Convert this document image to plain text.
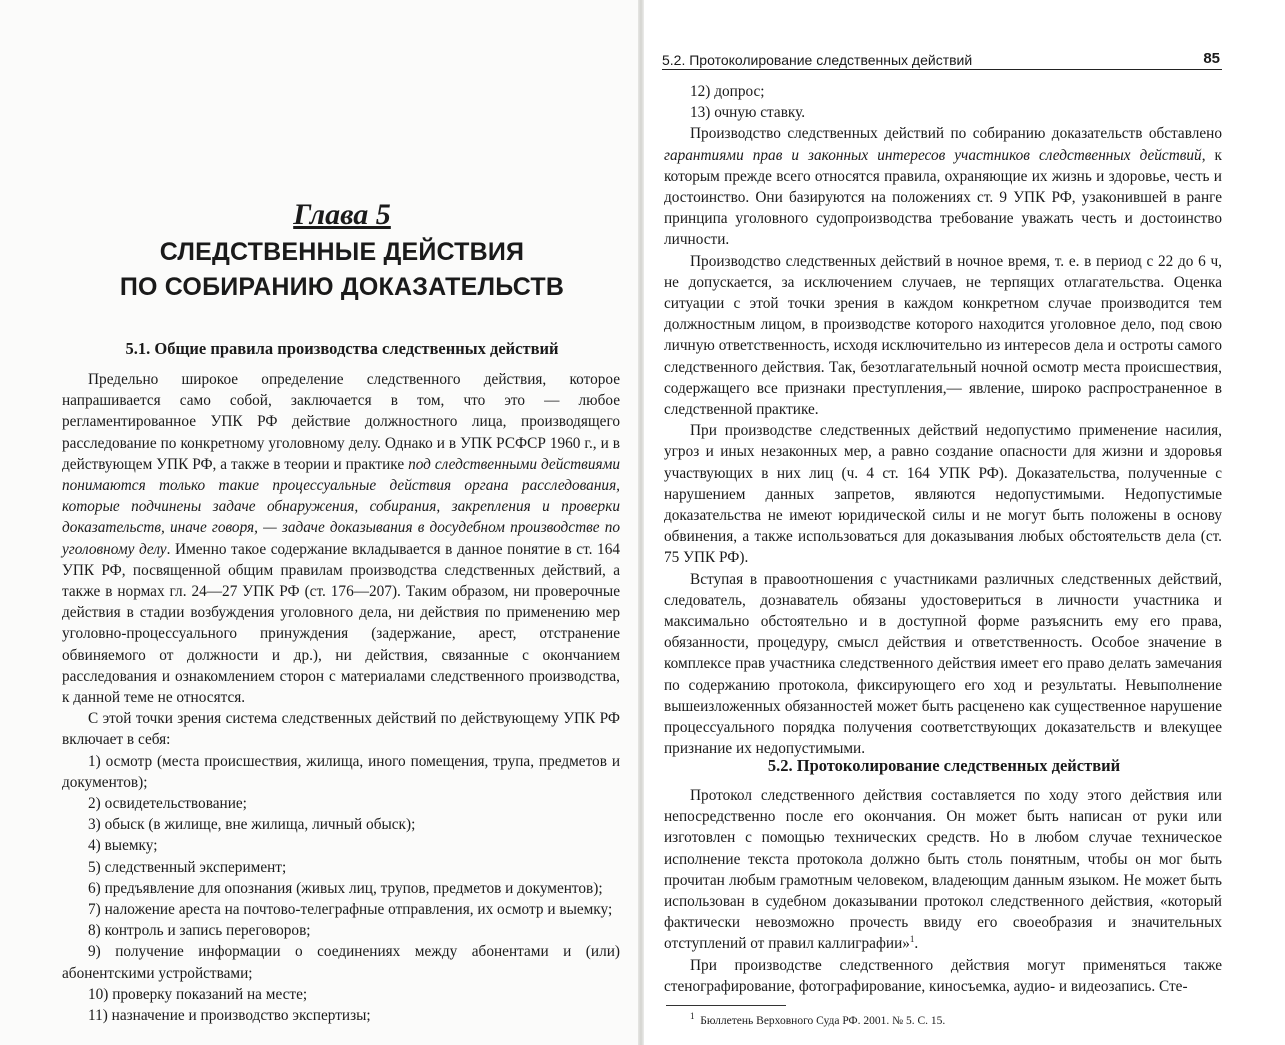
Глава 5
СЛЕДСТВЕННЫЕ ДЕЙСТВИЯ
ПО СОБИРАНИЮ ДОКАЗАТЕЛЬСТВ
5.1. Общие правила производства следственных действий

Предельно широкое определение следственного действия, которое напрашивается само собой, заключается в том, что это — любое регламентированное УПК РФ действие должностного лица, производящего расследование по конкретному уголовному делу. Однако и в УПК РСФСР 1960 г., и в действующем УПК РФ, а также в теории и практике под следственными действиями понимаются только такие процессуальные действия органа расследования, которые подчинены задаче обнаружения, собирания, закрепления и проверки доказательств, иначе говоря, — задаче доказывания в досудебном производстве по уголовному делу. Именно такое содержание вкладывается в данное понятие в ст. 164 УПК РФ, посвященной общим правилам производства следственных действий, а также в нормах гл. 24—27 УПК РФ (ст. 176—207). Таким образом, ни проверочные действия в стадии возбуждения уголовного дела, ни действия по применению мер уголовно-процессуального принуждения (задержание, арест, отстранение обвиняемого от должности и др.), ни действия, связанные с окончанием расследования и ознакомлением сторон с материалами следственного производства, к данной теме не относятся.

С этой точки зрения система следственных действий по действующему УПК РФ включает в себя:

1) осмотр (места происшествия, жилища, иного помещения, трупа, предметов и документов);

2) освидетельствование;

3) обыск (в жилище, вне жилища, личный обыск);

4) выемку;

5) следственный эксперимент;

6) предъявление для опознания (живых лиц, трупов, предметов и документов);

7) наложение ареста на почтово-телеграфные отправления, их осмотр и выемку;

8) контроль и запись переговоров;

9) получение информации о соединениях между абонентами и (или) абонентскими устройствами;

10) проверку показаний на месте;

11) назначение и производство экспертизы;

5.2. Протоколирование следственных действий	85

12) допрос;

13) очную ставку.

Производство следственных действий по собиранию доказательств обставлено гарантиями прав и законных интересов участников следственных действий, к которым прежде всего относятся правила, охраняющие их жизнь и здоровье, честь и достоинство. Они базируются на положениях ст. 9 УПК РФ, узаконившей в ранге принципа уголовного судопроизводства требование уважать честь и достоинство личности.

Производство следственных действий в ночное время, т. е. в период с 22 до 6 ч, не допускается, за исключением случаев, не терпящих отлагательства. Оценка ситуации с этой точки зрения в каждом конкретном случае производится тем должностным лицом, в производстве которого находится уголовное дело, под свою личную ответственность, исходя исключительно из интересов дела и остроты самого следственного действия. Так, безотлагательный ночной осмотр места происшествия, содержащего все признаки преступления,— явление, широко распространенное в следственной практике.

При производстве следственных действий недопустимо применение насилия, угроз и иных незаконных мер, а равно создание опасности для жизни и здоровья участвующих в них лиц (ч. 4 ст. 164 УПК РФ). Доказательства, полученные с нарушением данных запретов, являются недопустимыми. Недопустимые доказательства не имеют юридической силы и не могут быть положены в основу обвинения, а также использоваться для доказывания любых обстоятельств дела (ст. 75 УПК РФ).

Вступая в правоотношения с участниками различных следственных действий, следователь, дознаватель обязаны удостовериться в личности участника и максимально обстоятельно и в доступной форме разъяснить ему его права, обязанности, процедуру, смысл действия и ответственность. Особое значение в комплексе прав участника следственного действия имеет его право делать замечания по содержанию протокола, фиксирующего его ход и результаты. Невыполнение вышеизложенных обязанностей может быть расценено как существенное нарушение процессуального порядка получения соответствующих доказательств и влекущее признание их недопустимыми.

5.2. Протоколирование следственных действий

Протокол следственного действия составляется по ходу этого действия или непосредственно после его окончания. Он может быть написан от руки или изготовлен с помощью технических средств. Но в любом случае техническое исполнение текста протокола должно быть столь понятным, чтобы он мог быть прочитан любым грамотным человеком, владеющим данным языком. Не может быть использован в судебном доказывании протокол следственного действия, «который фактически невозможно прочесть ввиду его своеобразия и значительных отступлений от правил каллиграфии»$^1$.

При производстве следственного действия могут применяться также стенографирование, фотографирование, киносъемка, аудио- и видеозапись. Сте-

$^1$ Бюллетень Верховного Суда РФ. 2001. № 5. С. 15.
